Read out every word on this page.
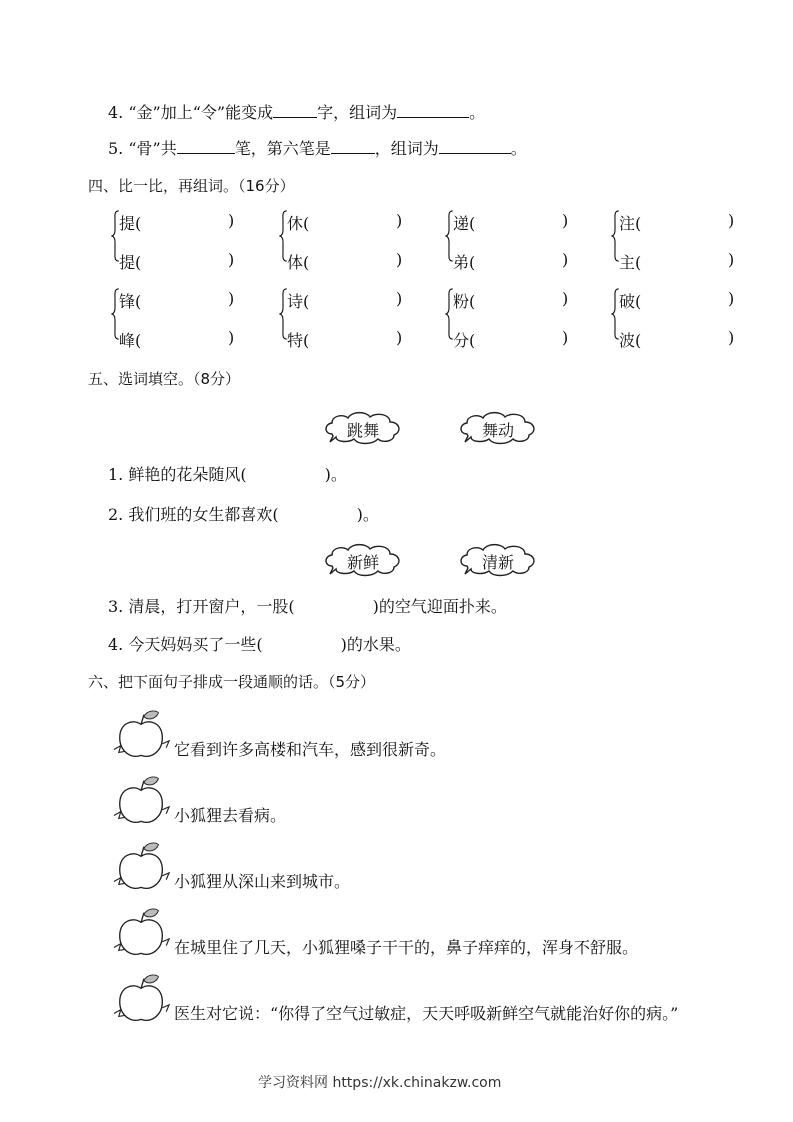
4. “金”加上“令”能变成	字，组词为	。
5. “骨”共	笔，第六笔是	，组词为	。
四、比一比，再组词。（16分）
提(	)
提(	)
休(	)
体(	)
递(	)
弟(	)
注(	)
主(	)
锋(	)
峰(	)
诗(	)
特(	)
粉(	)
分(	)
破(	)
波(	)
五、选词填空。（8分）
跳舞	舞动
1. 鲜艳的花朵随风(	)。
2. 我们班的女生都喜欢(	)。
新鲜	清新
3. 清晨，打开窗户，一股(	)的空气迎面扑来。
4. 今天妈妈买了一些(	)的水果。
六、把下面句子排成一段通顺的话。（5分）
它看到许多高楼和汽车，感到很新奇。
小狐狸去看病。
小狐狸从深山来到城市。
在城里住了几天，小狐狸嗓子干干的，鼻子痒痒的，浑身不舒服。
医生对它说：“你得了空气过敏症，天天呼吸新鲜空气就能治好你的病。”
学习资料网 https://xk.chinakzw.com
